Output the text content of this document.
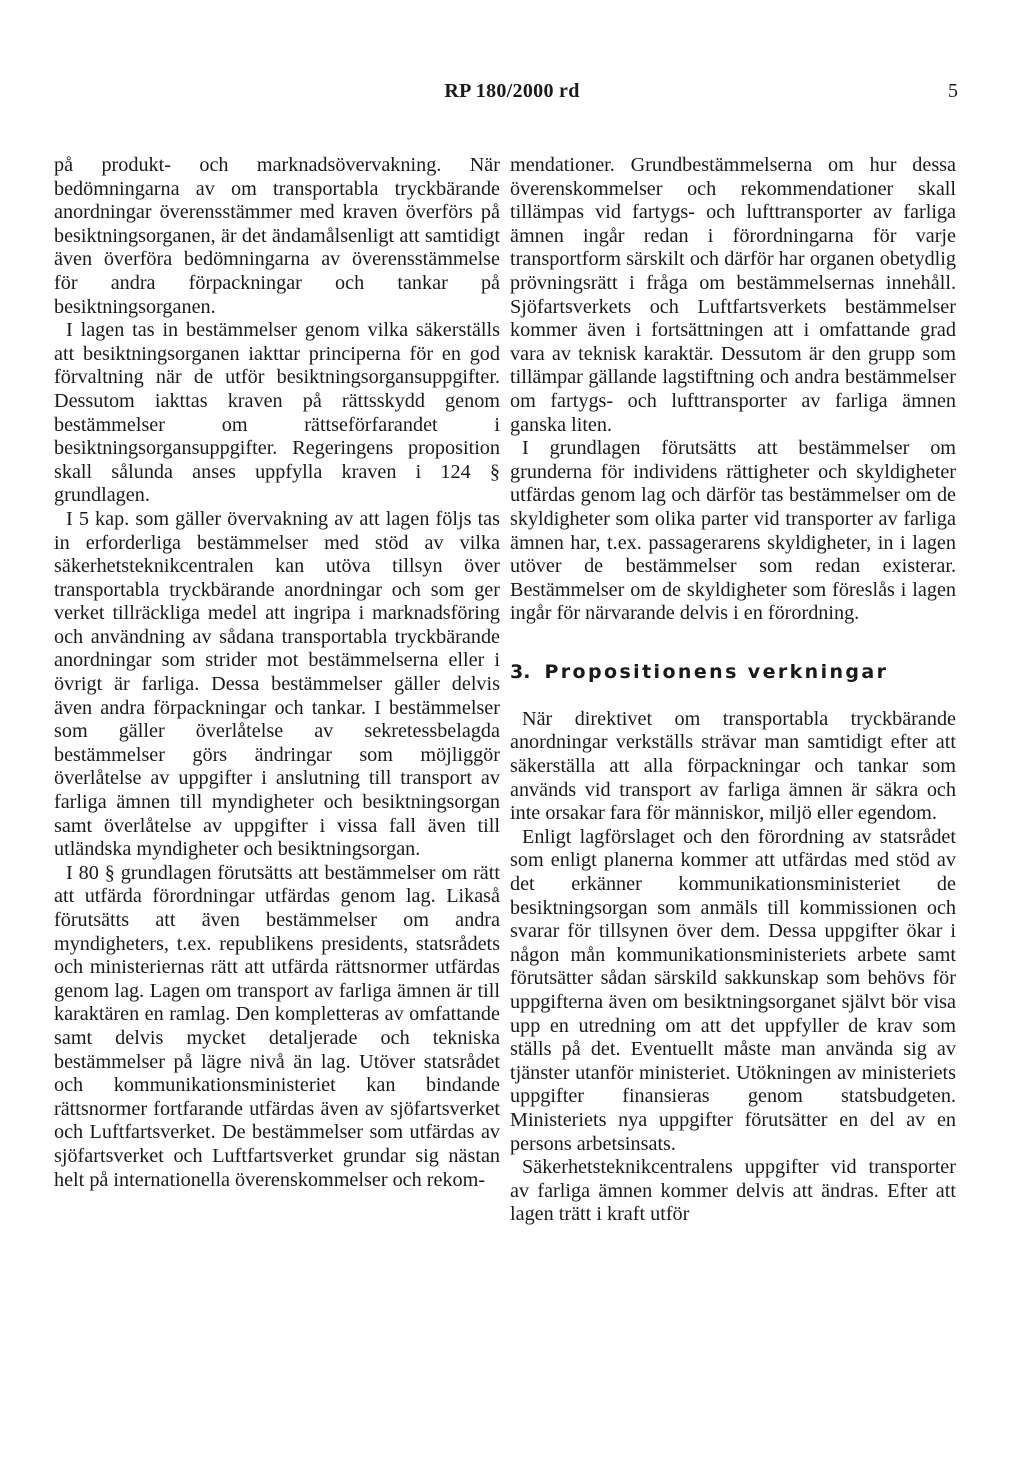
RP 180/2000 rd	5

på produkt- och marknadsövervakning. När bedömningarna av om transportabla tryckbärande anordningar överensstämmer med kraven överförs på besiktningsorganen, är det ändamålsenligt att samtidigt även överföra bedömningarna av överensstämmelse för andra förpackningar och tankar på besiktningsorganen.

I lagen tas in bestämmelser genom vilka säkerställs att besiktningsorganen iakttar principerna för en god förvaltning när de utför besiktningsorgansuppgifter. Dessutom iakttas kraven på rättsskydd genom bestämmelser om rättseförfarandet i besiktningsorgansuppgifter. Regeringens proposition skall sålunda anses uppfylla kraven i 124 § grundlagen.

I 5 kap. som gäller övervakning av att lagen följs tas in erforderliga bestämmelser med stöd av vilka säkerhetsteknikcentralen kan utöva tillsyn över transportabla tryckbärande anordningar och som ger verket tillräckliga medel att ingripa i marknadsföring och användning av sådana transportabla tryckbärande anordningar som strider mot bestämmelserna eller i övrigt är farliga. Dessa bestämmelser gäller delvis även andra förpackningar och tankar. I bestämmelser som gäller överlåtelse av sekretessbelagda bestämmelser görs ändringar som möjliggör överlåtelse av uppgifter i anslutning till transport av farliga ämnen till myndigheter och besiktningsorgan samt överlåtelse av uppgifter i vissa fall även till utländska myndigheter och besiktningsorgan.

I 80 § grundlagen förutsätts att bestämmelser om rätt att utfärda förordningar utfärdas genom lag. Likaså förutsätts att även bestämmelser om andra myndigheters, t.ex. republikens presidents, statsrådets och ministeriernas rätt att utfärda rättsnormer utfärdas genom lag. Lagen om transport av farliga ämnen är till karaktären en ramlag. Den kompletteras av omfattande samt delvis mycket detaljerade och tekniska bestämmelser på lägre nivå än lag. Utöver statsrådet och kommunikationsministeriet kan bindande rättsnormer fortfarande utfärdas även av sjöfartsverket och Luftfartsverket. De bestämmelser som utfärdas av sjöfartsverket och Luftfartsverket grundar sig nästan helt på internationella överenskommelser och rekom-

mendationer. Grundbestämmelserna om hur dessa överenskommelser och rekommendationer skall tillämpas vid fartygs- och lufttransporter av farliga ämnen ingår redan i förordningarna för varje transportform särskilt och därför har organen obetydlig prövningsrätt i fråga om bestämmelsernas innehåll. Sjöfartsverkets och Luftfartsverkets bestämmelser kommer även i fortsättningen att i omfattande grad vara av teknisk karaktär. Dessutom är den grupp som tillämpar gällande lagstiftning och andra bestämmelser om fartygs- och lufttransporter av farliga ämnen ganska liten.

I grundlagen förutsätts att bestämmelser om grunderna för individens rättigheter och skyldigheter utfärdas genom lag och därför tas bestämmelser om de skyldigheter som olika parter vid transporter av farliga ämnen har, t.ex. passagerarens skyldigheter, in i lagen utöver de bestämmelser som redan existerar. Bestämmelser om de skyldigheter som föreslås i lagen ingår för närvarande delvis i en förordning.

3. Propositionens verkningar

När direktivet om transportabla tryckbärande anordningar verkställs strävar man samtidigt efter att säkerställa att alla förpackningar och tankar som används vid transport av farliga ämnen är säkra och inte orsakar fara för människor, miljö eller egendom.

Enligt lagförslaget och den förordning av statsrådet som enligt planerna kommer att utfärdas med stöd av det erkänner kommunikationsministeriet de besiktningsorgan som anmäls till kommissionen och svarar för tillsynen över dem. Dessa uppgifter ökar i någon mån kommunikationsministeriets arbete samt förutsätter sådan särskild sakkunskap som behövs för uppgifterna även om besiktningsorganet självt bör visa upp en utredning om att det uppfyller de krav som ställs på det. Eventuellt måste man använda sig av tjänster utanför ministeriet. Utökningen av ministeriets uppgifter finansieras genom statsbudgeten. Ministeriets nya uppgifter förutsätter en del av en persons arbetsinsats.

Säkerhetsteknikcentralens uppgifter vid transporter av farliga ämnen kommer delvis att ändras. Efter att lagen trätt i kraft utför
